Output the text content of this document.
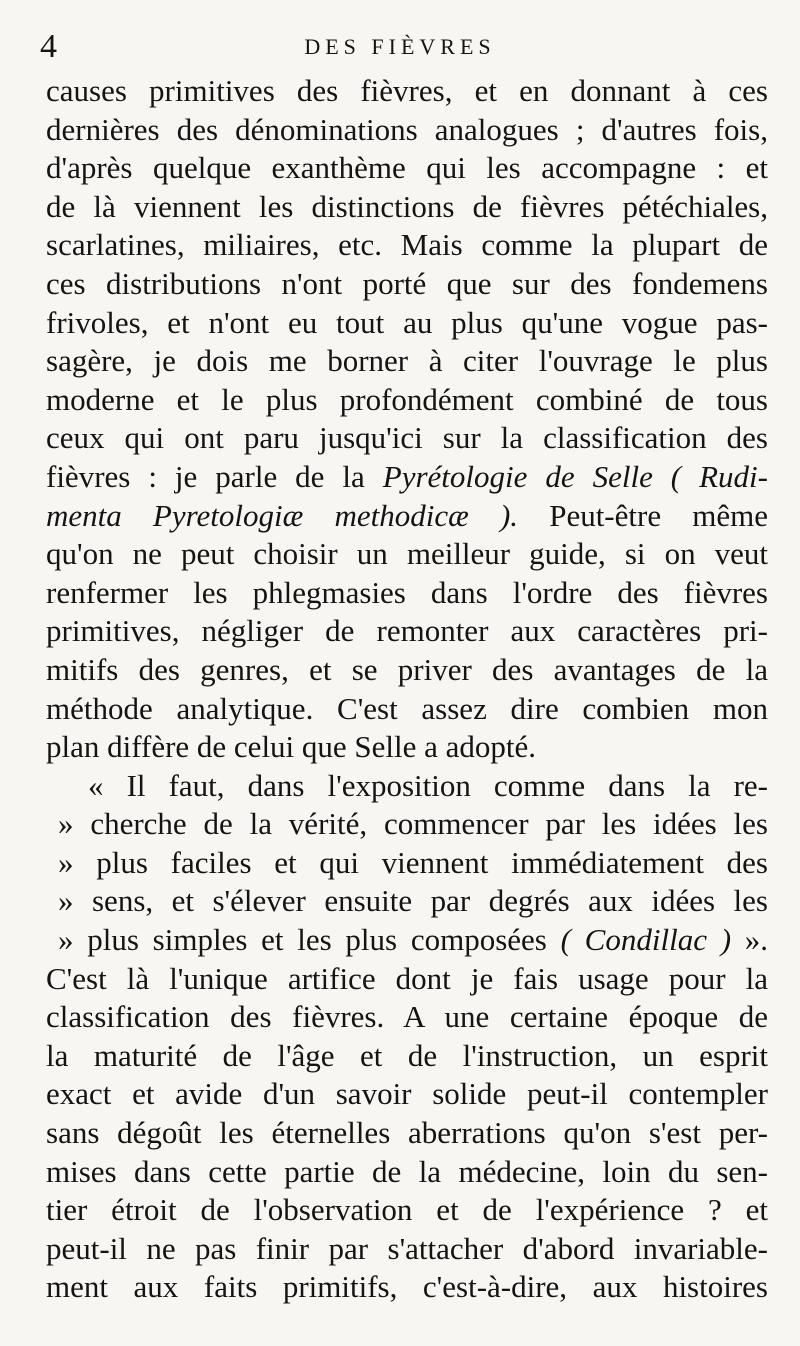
4	DES FIÈVRES
causes primitives des fièvres, et en donnant à ces
dernières des dénominations analogues ; d'autres fois,
d'après quelque exanthème qui les accompagne : et
de là viennent les distinctions de fièvres pétéchiales,
scarlatines, miliaires, etc. Mais comme la plupart de
ces distributions n'ont porté que sur des fondemens
frivoles, et n'ont eu tout au plus qu'une vogue pas-
sagère, je dois me borner à citer l'ouvrage le plus
moderne et le plus profondément combiné de tous
ceux qui ont paru jusqu'ici sur la classification des
fièvres : je parle de la Pyrétologie de Selle ( Rudi-
menta Pyretologiæ methodicæ ). Peut-être même
qu'on ne peut choisir un meilleur guide, si on veut
renfermer les phlegmasies dans l'ordre des fièvres
primitives, négliger de remonter aux caractères pri-
mitifs des genres, et se priver des avantages de la
méthode analytique. C'est assez dire combien mon
plan diffère de celui que Selle a adopté.
« Il faut, dans l'exposition comme dans la re-
» cherche de la vérité, commencer par les idées les
» plus faciles et qui viennent immédiatement des
» sens, et s'élever ensuite par degrés aux idées les
» plus simples et les plus composées ( Condillac ) ».
C'est là l'unique artifice dont je fais usage pour la
classification des fièvres. A une certaine époque de
la maturité de l'âge et de l'instruction, un esprit
exact et avide d'un savoir solide peut-il contempler
sans dégoût les éternelles aberrations qu'on s'est per-
mises dans cette partie de la médecine, loin du sen-
tier étroit de l'observation et de l'expérience ? et
peut-il ne pas finir par s'attacher d'abord invariable-
ment aux faits primitifs, c'est-à-dire, aux histoires
